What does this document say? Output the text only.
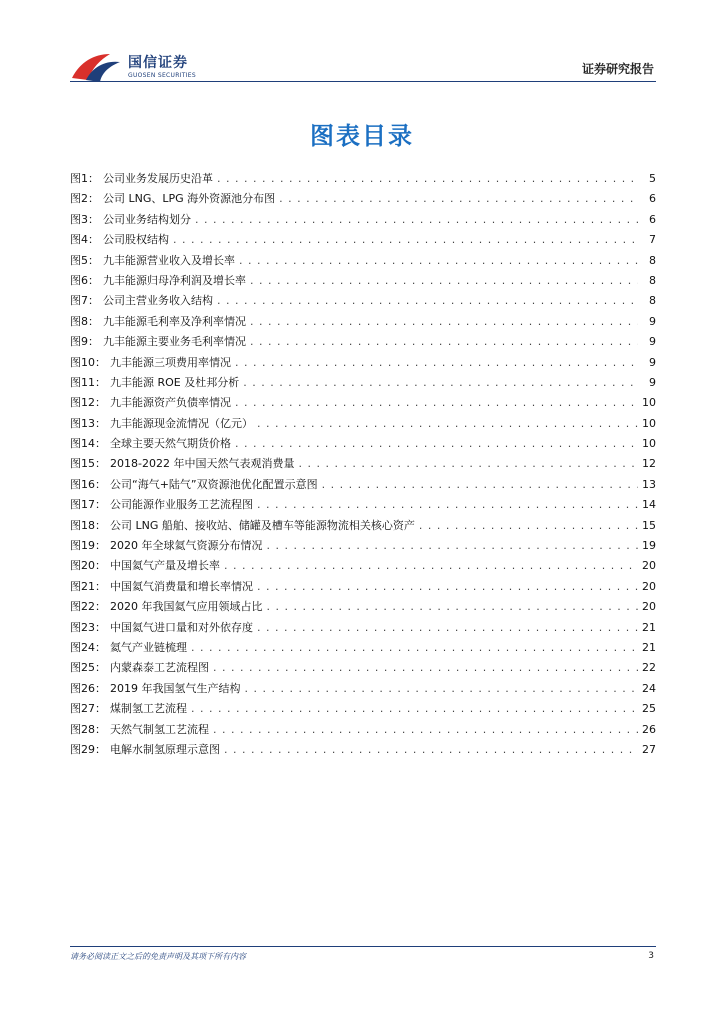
国信证券
GUOSEN SECURITIES	证券研究报告
图表目录
图1： 公司业务发展历史沿革 . . .	5
图2： 公司 LNG、LPG 海外资源池分布图 . . .	6
图3： 公司业务结构划分 . . .	6
图4： 公司股权结构 . . .	7
图5： 九丰能源营业收入及增长率 . . .	8
图6： 九丰能源归母净利润及增长率 . . .	8
图7： 公司主营业务收入结构 . . .	8
图8： 九丰能源毛利率及净利率情况 . . .	9
图9： 九丰能源主要业务毛利率情况 . . .	9
图10： 九丰能源三项费用率情况 . . .	9
图11： 九丰能源 ROE 及杜邦分析 . . .	9
图12： 九丰能源资产负债率情况 . . .	10
图13： 九丰能源现金流情况（亿元） . . .	10
图14： 全球主要天然气期货价格 . . .	10
图15： 2018-2022 年中国天然气表观消费量 . . .	12
图16： 公司“海气+陆气”双资源池优化配置示意图 . . .	13
图17： 公司能源作业服务工艺流程图 . . .	14
图18： 公司 LNG 船舶、接收站、储罐及槽车等能源物流相关核心资产 . . .	15
图19： 2020 年全球氦气资源分布情况 . . .	19
图20： 中国氦气产量及增长率 . . .	20
图21： 中国氦气消费量和增长率情况 . . .	20
图22： 2020 年我国氦气应用领域占比 . . .	20
图23： 中国氦气进口量和对外依存度 . . .	21
图24： 氦气产业链梳理 . . .	21
图25： 内蒙森泰工艺流程图 . . .	22
图26： 2019 年我国氢气生产结构 . . .	24
图27： 煤制氢工艺流程 . . .	25
图28： 天然气制氢工艺流程 . . .	26
图29： 电解水制氢原理示意图 . . .	27
请务必阅读正文之后的免责声明及其项下所有内容	3
